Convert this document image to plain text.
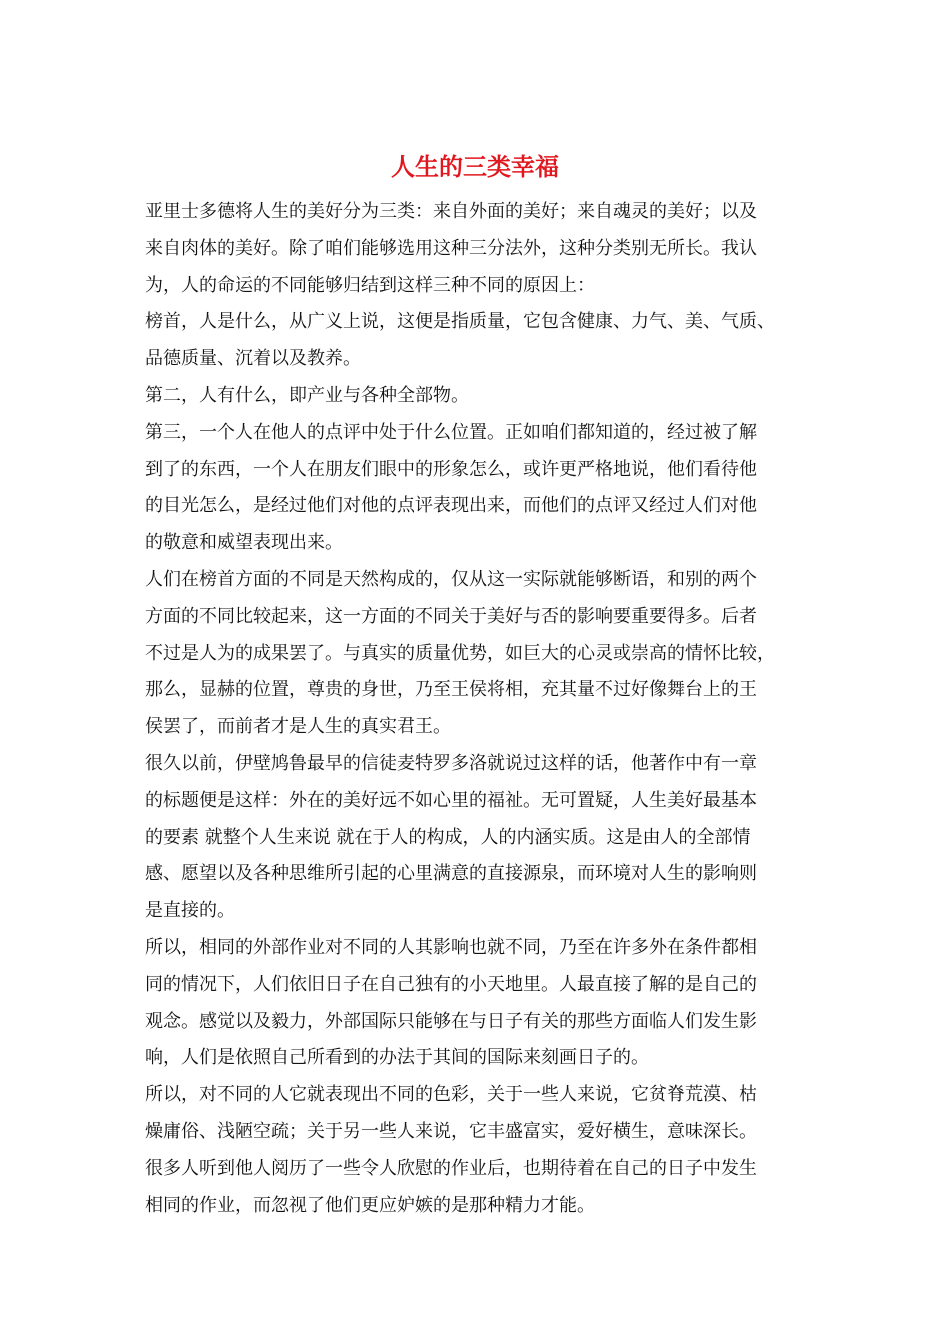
人生的三类幸福
亚里士多德将人生的美好分为三类：来自外面的美好；来自魂灵的美好；以及
来自肉体的美好。除了咱们能够选用这种三分法外，这种分类别无所长。我认
为，人的命运的不同能够归结到这样三种不同的原因上：
榜首，人是什么，从广义上说，这便是指质量，它包含健康、力气、美、气质、
品德质量、沉着以及教养。
第二，人有什么，即产业与各种全部物。
第三，一个人在他人的点评中处于什么位置。正如咱们都知道的，经过被了解
到了的东西，一个人在朋友们眼中的形象怎么，或许更严格地说，他们看待他
的目光怎么，是经过他们对他的点评表现出来，而他们的点评又经过人们对他
的敬意和威望表现出来。
人们在榜首方面的不同是天然构成的，仅从这一实际就能够断语，和别的两个
方面的不同比较起来，这一方面的不同关于美好与否的影响要重要得多。后者
不过是人为的成果罢了。与真实的质量优势，如巨大的心灵或崇高的情怀比较，
那么，显赫的位置，尊贵的身世，乃至王侯将相，充其量不过好像舞台上的王
侯罢了，而前者才是人生的真实君王。
很久以前，伊壁鸠鲁最早的信徒麦特罗多洛就说过这样的话，他著作中有一章
的标题便是这样：外在的美好远不如心里的福祉。无可置疑，人生美好最基本
的要素 就整个人生来说 就在于人的构成，人的内涵实质。这是由人的全部情
感、愿望以及各种思维所引起的心里满意的直接源泉，而环境对人生的影响则
是直接的。
所以，相同的外部作业对不同的人其影响也就不同，乃至在许多外在条件都相
同的情况下，人们依旧日子在自己独有的小天地里。人最直接了解的是自己的
观念。感觉以及毅力，外部国际只能够在与日子有关的那些方面临人们发生影
响，人们是依照自己所看到的办法于其间的国际来刻画日子的。
所以，对不同的人它就表现出不同的色彩，关于一些人来说，它贫脊荒漠、枯
燥庸俗、浅陋空疏；关于另一些人来说，它丰盛富实，爱好横生，意味深长。
很多人听到他人阅历了一些令人欣慰的作业后，也期待着在自己的日子中发生
相同的作业，而忽视了他们更应妒嫉的是那种精力才能。
